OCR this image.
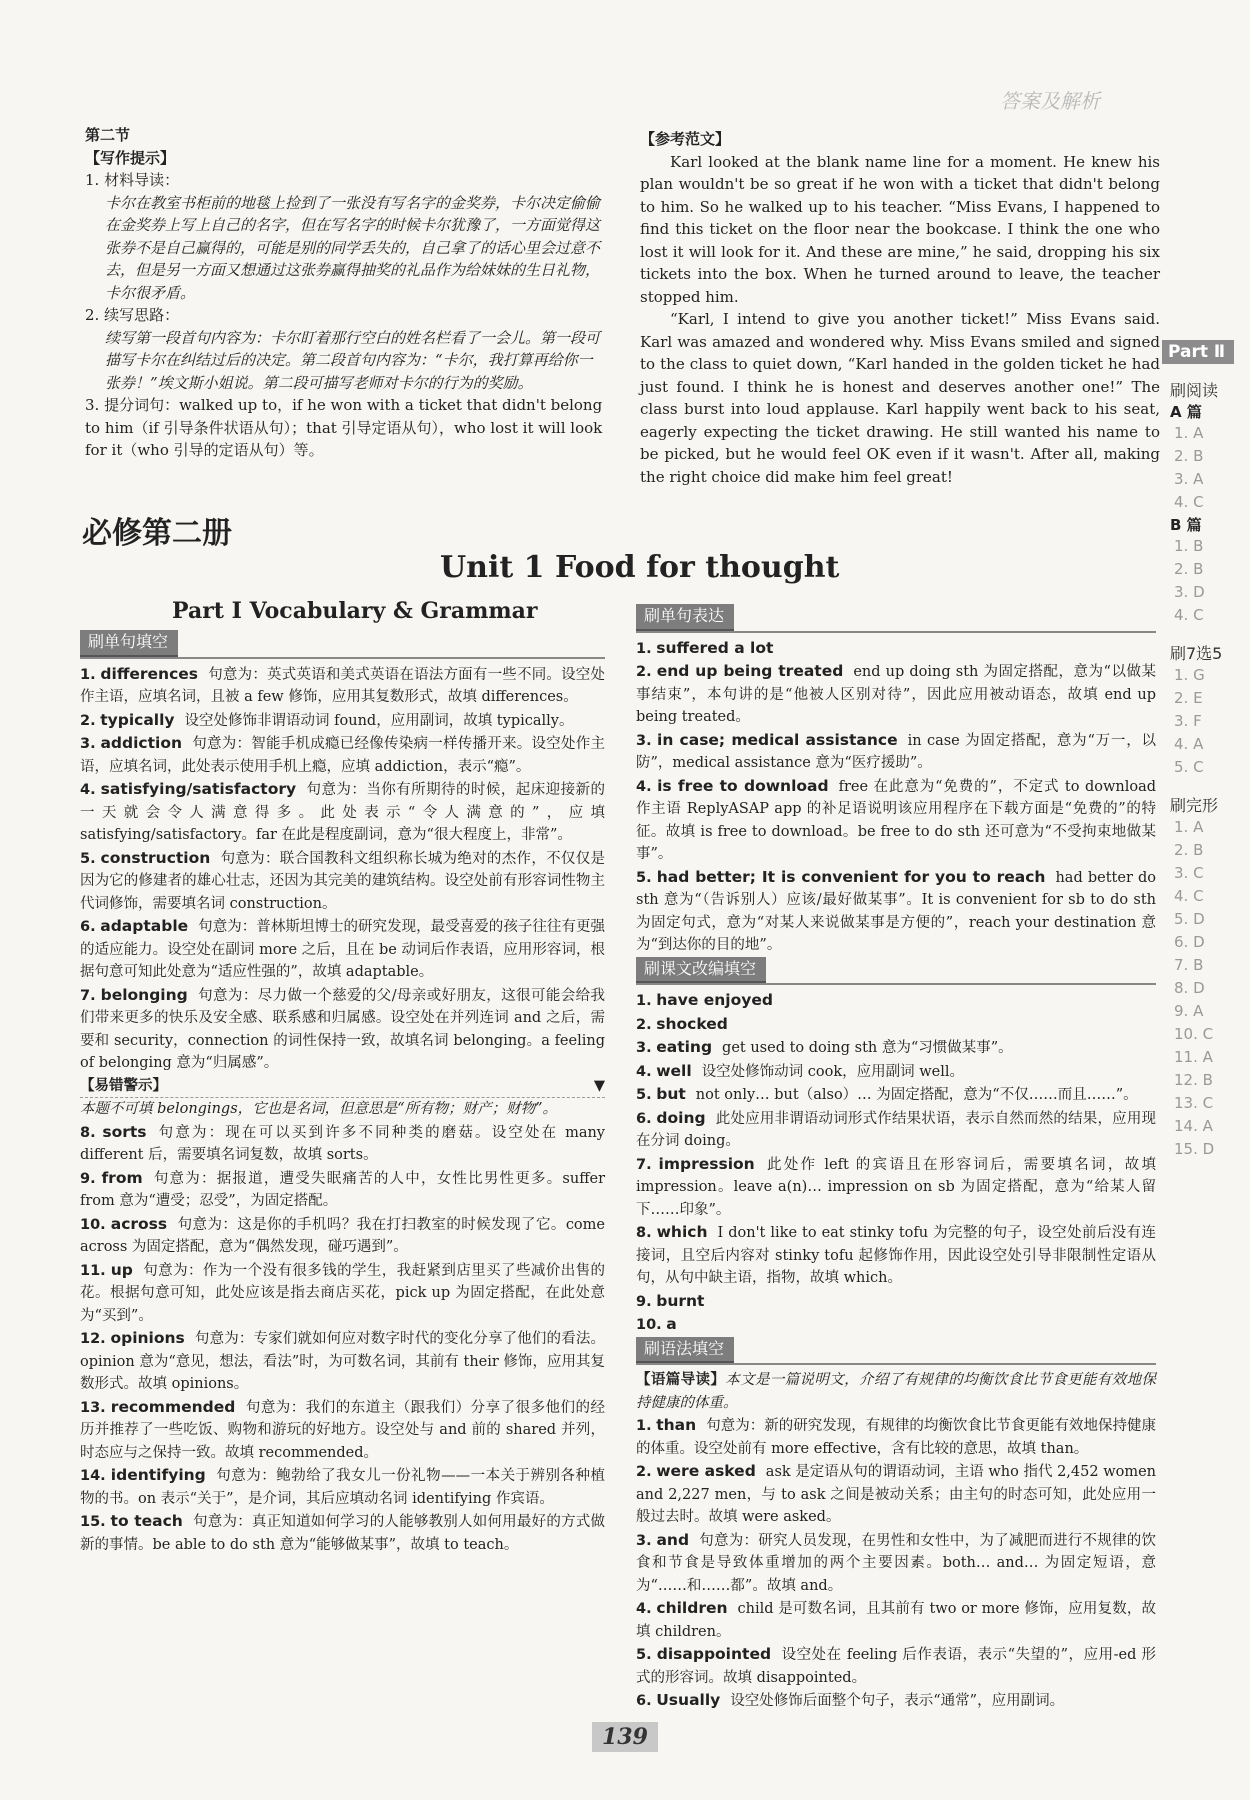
答案及解析
第二节
【写作提示】
1. 材料导读：
卡尔在教室书柜前的地毯上捡到了一张没有写名字的金奖券，卡尔决定偷偷在金奖券上写上自己的名字，但在写名字的时候卡尔犹豫了，一方面觉得这张券不是自己赢得的，可能是别的同学丢失的，自己拿了的话心里会过意不去，但是另一方面又想通过这张券赢得抽奖的礼品作为给妹妹的生日礼物，卡尔很矛盾。
2. 续写思路：
续写第一段首句内容为：卡尔盯着那行空白的姓名栏看了一会儿。第一段可描写卡尔在纠结过后的决定。第二段首句内容为：“卡尔，我打算再给你一张券！”埃文斯小姐说。第二段可描写老师对卡尔的行为的奖励。
3. 提分词句：walked up to，if he won with a ticket that didn't belong to him（if 引导条件状语从句）；that 引导定语从句），who lost it will look for it（who 引导的定语从句）等。
【参考范文】
Karl looked at the blank name line for a moment. He knew his plan wouldn't be so great if he won with a ticket that didn't belong to him. So he walked up to his teacher. “Miss Evans, I happened to find this ticket on the floor near the bookcase. I think the one who lost it will look for it. And these are mine,” he said, dropping his six tickets into the box. When he turned around to leave, the teacher stopped him.
“Karl, I intend to give you another ticket!” Miss Evans said. Karl was amazed and wondered why. Miss Evans smiled and signed to the class to quiet down, “Karl handed in the golden ticket he had just found. I think he is honest and deserves another one!” The class burst into loud applause. Karl happily went back to his seat, eagerly expecting the ticket drawing. He still wanted his name to be picked, but he would feel OK even if it wasn't. After all, making the right choice did make him feel great!
必修第二册
Unit 1 Food for thought
Part Ⅰ Vocabulary & Grammar
刷单句填空
1. differences 句意为：英式英语和美式英语在语法方面有一些不同。设空处作主语，应填名词，且被 a few 修饰，应用其复数形式，故填 differences。
2. typically 设空处修饰非谓语动词 found，应用副词，故填 typically。
3. addiction 句意为：智能手机成瘾已经像传染病一样传播开来。设空处作主语，应填名词，此处表示使用手机上瘾，应填 addiction，表示“瘾”。
4. satisfying/satisfactory 句意为：当你有所期待的时候，起床迎接新的一天就会令人满意得多。此处表示“令人满意的”，应填 satisfying/satisfactory。far 在此是程度副词，意为“很大程度上，非常”。
5. construction 句意为：联合国教科文组织称长城为绝对的杰作，不仅仅是因为它的修建者的雄心壮志，还因为其完美的建筑结构。设空处前有形容词性物主代词修饰，需要填名词 construction。
6. adaptable 句意为：普林斯坦博士的研究发现，最受喜爱的孩子往往有更强的适应能力。设空处在副词 more 之后，且在 be 动词后作表语，应用形容词，根据句意可知此处意为“适应性强的”，故填 adaptable。
7. belonging 句意为：尽力做一个慈爱的父/母亲或好朋友，这很可能会给我们带来更多的快乐及安全感、联系感和归属感。设空处在并列连词 and 之后，需要和 security，connection 的词性保持一致，故填名词 belonging。a feeling of belonging 意为“归属感”。
【易错警示】	▼
本题不可填 belongings，它也是名词，但意思是“所有物；财产；财物”。
8. sorts 句意为：现在可以买到许多不同种类的磨菇。设空处在 many different 后，需要填名词复数，故填 sorts。
9. from 句意为：据报道，遭受失眠痛苦的人中，女性比男性更多。suffer from 意为“遭受；忍受”，为固定搭配。
10. across 句意为：这是你的手机吗？我在打扫教室的时候发现了它。come across 为固定搭配，意为“偶然发现，碰巧遇到”。
11. up 句意为：作为一个没有很多钱的学生，我赶紧到店里买了些减价出售的花。根据句意可知，此处应该是指去商店买花，pick up 为固定搭配，在此处意为“买到”。
12. opinions 句意为：专家们就如何应对数字时代的变化分享了他们的看法。opinion 意为“意见，想法，看法”时，为可数名词，其前有 their 修饰，应用其复数形式。故填 opinions。
13. recommended 句意为：我们的东道主（跟我们）分享了很多他们的经历并推荐了一些吃饭、购物和游玩的好地方。设空处与 and 前的 shared 并列，时态应与之保持一致。故填 recommended。
14. identifying 句意为：鲍勃给了我女儿一份礼物——一本关于辨别各种植物的书。on 表示“关于”，是介词，其后应填动名词 identifying 作宾语。
15. to teach 句意为：真正知道如何学习的人能够教别人如何用最好的方式做新的事情。be able to do sth 意为“能够做某事”，故填 to teach。
刷单句表达
1. suffered a lot
2. end up being treated end up doing sth 为固定搭配，意为“以做某事结束”，本句讲的是“他被人区别对待”，因此应用被动语态，故填 end up being treated。
3. in case; medical assistance in case 为固定搭配，意为“万一，以防”，medical assistance 意为“医疗援助”。
4. is free to download free 在此意为“免费的”，不定式 to download 作主语 ReplyASAP app 的补足语说明该应用程序在下载方面是“免费的”的特征。故填 is free to download。be free to do sth 还可意为“不受拘束地做某事”。
5. had better; It is convenient for you to reach had better do sth 意为“（告诉别人）应该/最好做某事”。It is convenient for sb to do sth 为固定句式，意为“对某人来说做某事是方便的”，reach your destination 意为“到达你的目的地”。
刷课文改编填空
1. have enjoyed
2. shocked
3. eating get used to doing sth 意为“习惯做某事”。
4. well 设空处修饰动词 cook，应用副词 well。
5. but not only… but（also）… 为固定搭配，意为“不仅……而且……”。
6. doing 此处应用非谓语动词形式作结果状语，表示自然而然的结果，应用现在分词 doing。
7. impression 此处作 left 的宾语且在形容词后，需要填名词，故填 impression。leave a(n)… impression on sb 为固定搭配，意为“给某人留下……印象”。
8. which I don't like to eat stinky tofu 为完整的句子，设空处前后没有连接词，且空后内容对 stinky tofu 起修饰作用，因此设空处引导非限制性定语从句，从句中缺主语，指物，故填 which。
9. burnt
10. a
刷语法填空
【语篇导读】本文是一篇说明文，介绍了有规律的均衡饮食比节食更能有效地保持健康的体重。
1. than 句意为：新的研究发现，有规律的均衡饮食比节食更能有效地保持健康的体重。设空处前有 more effective，含有比较的意思，故填 than。
2. were asked ask 是定语从句的谓语动词，主语 who 指代 2,452 women and 2,227 men，与 to ask 之间是被动关系；由主句的时态可知，此处应用一般过去时。故填 were asked。
3. and 句意为：研究人员发现，在男性和女性中，为了减肥而进行不规律的饮食和节食是导致体重增加的两个主要因素。both… and… 为固定短语，意为“……和……都”。故填 and。
4. children child 是可数名词，且其前有 two or more 修饰，应用复数，故填 children。
5. disappointed 设空处在 feeling 后作表语，表示“失望的”，应用-ed 形式的形容词。故填 disappointed。
6. Usually 设空处修饰后面整个句子，表示“通常”，应用副词。
Part Ⅱ
刷阅读
A 篇
1. A
2. B
3. A
4. C
B 篇
1. B
2. B
3. D
4. C
刷7选5
1. G
2. E
3. F
4. A
5. C
刷完形
1. A
2. B
3. C
4. C
5. D
6. D
7. B
8. D
9. A
10. C
11. A
12. B
13. C
14. A
15. D
139
